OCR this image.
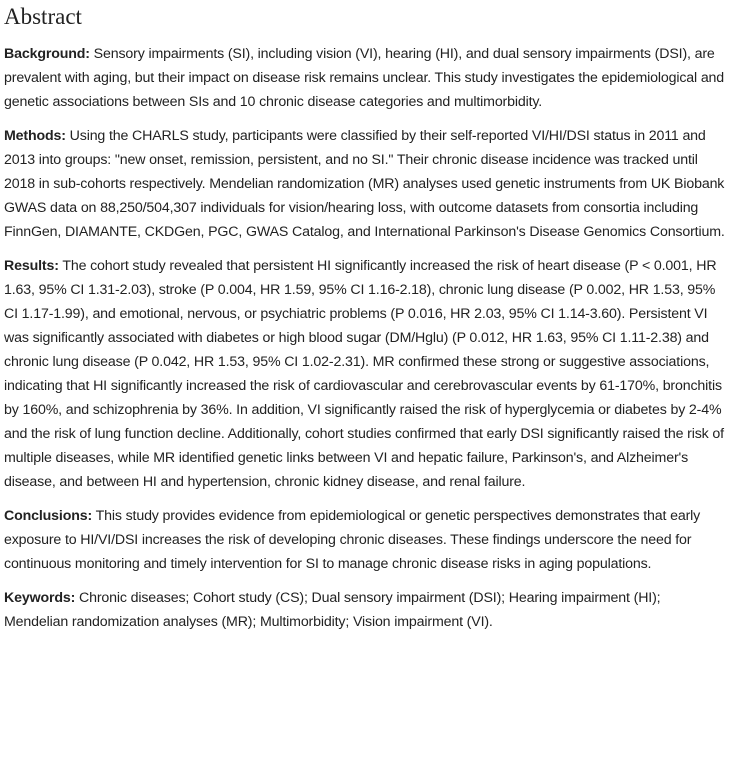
Abstract

Background: Sensory impairments (SI), including vision (VI), hearing (HI), and dual sensory impairments (DSI), are prevalent with aging, but their impact on disease risk remains unclear. This study investigates the epidemiological and genetic associations between SIs and 10 chronic disease categories and multimorbidity.

Methods: Using the CHARLS study, participants were classified by their self-reported VI/HI/DSI status in 2011 and 2013 into groups: "new onset, remission, persistent, and no SI." Their chronic disease incidence was tracked until 2018 in sub-cohorts respectively. Mendelian randomization (MR) analyses used genetic instruments from UK Biobank GWAS data on 88,250/504,307 individuals for vision/hearing loss, with outcome datasets from consortia including FinnGen, DIAMANTE, CKDGen, PGC, GWAS Catalog, and International Parkinson's Disease Genomics Consortium.

Results: The cohort study revealed that persistent HI significantly increased the risk of heart disease (P < 0.001, HR 1.63, 95% CI 1.31-2.03), stroke (P 0.004, HR 1.59, 95% CI 1.16-2.18), chronic lung disease (P 0.002, HR 1.53, 95% CI 1.17-1.99), and emotional, nervous, or psychiatric problems (P 0.016, HR 2.03, 95% CI 1.14-3.60). Persistent VI was significantly associated with diabetes or high blood sugar (DM/Hglu) (P 0.012, HR 1.63, 95% CI 1.11-2.38) and chronic lung disease (P 0.042, HR 1.53, 95% CI 1.02-2.31). MR confirmed these strong or suggestive associations, indicating that HI significantly increased the risk of cardiovascular and cerebrovascular events by 61-170%, bronchitis by 160%, and schizophrenia by 36%. In addition, VI significantly raised the risk of hyperglycemia or diabetes by 2-4% and the risk of lung function decline. Additionally, cohort studies confirmed that early DSI significantly raised the risk of multiple diseases, while MR identified genetic links between VI and hepatic failure, Parkinson's, and Alzheimer's disease, and between HI and hypertension, chronic kidney disease, and renal failure.

Conclusions: This study provides evidence from epidemiological or genetic perspectives demonstrates that early exposure to HI/VI/DSI increases the risk of developing chronic diseases. These findings underscore the need for continuous monitoring and timely intervention for SI to manage chronic disease risks in aging populations.

Keywords: Chronic diseases; Cohort study (CS); Dual sensory impairment (DSI); Hearing impairment (HI); Mendelian randomization analyses (MR); Multimorbidity; Vision impairment (VI).
